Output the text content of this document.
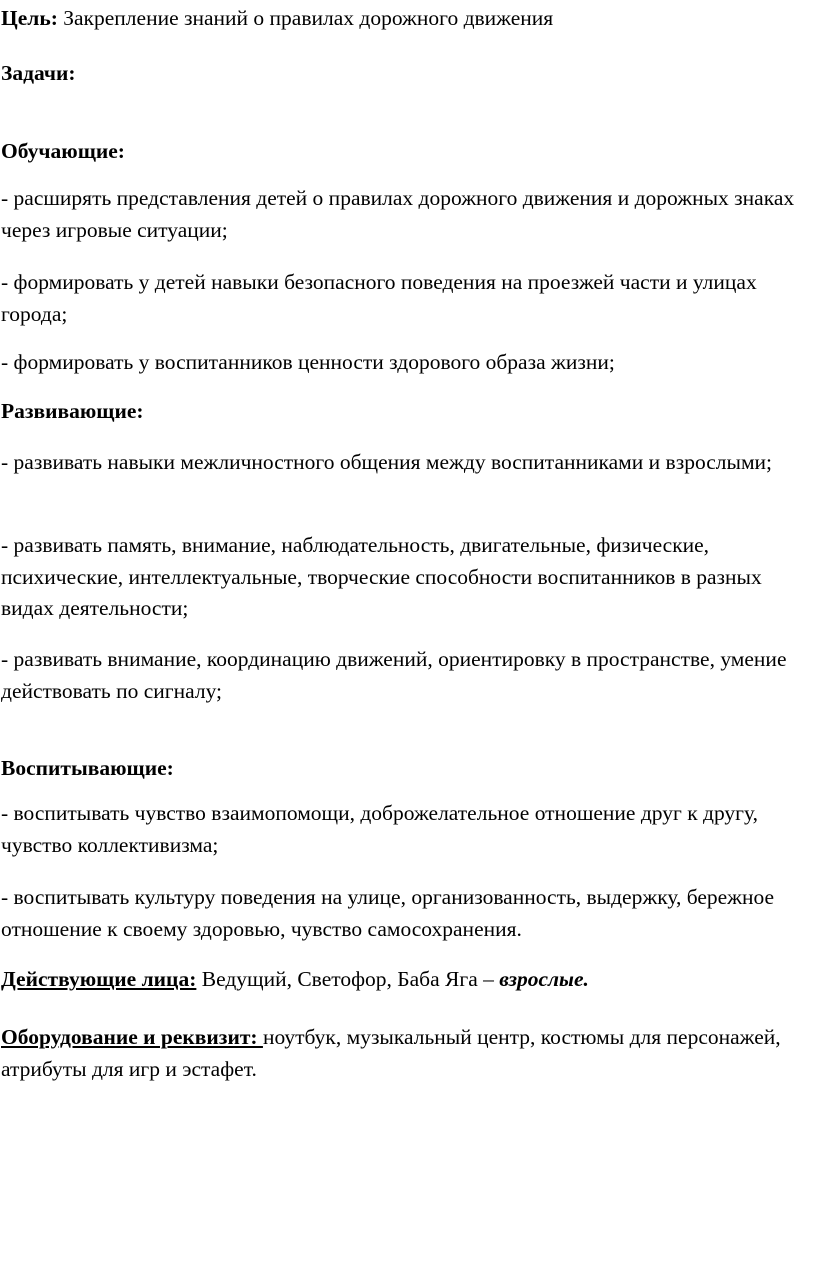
Цель: Закрепление знаний о правилах дорожного движения
Задачи:
Обучающие:
- расширять представления детей о правилах дорожного движения и дорожных знаках через игровые ситуации;
- формировать у детей навыки безопасного поведения на проезжей части и улицах города;
- формировать у воспитанников ценности здорового образа жизни;
Развивающие:
- развивать навыки межличностного общения между воспитанниками и взрослыми;
- развивать память, внимание, наблюдательность, двигательные, физические, психические, интеллектуальные, творческие способности воспитанников в разных видах деятельности;
- развивать внимание, координацию движений, ориентировку в пространстве, умение действовать по сигналу;
Воспитывающие:
- воспитывать чувство взаимопомощи, доброжелательное отношение друг к другу, чувство коллективизма;
- воспитывать культуру поведения на улице, организованность, выдержку, бережное отношение к своему здоровью, чувство самосохранения.
Действующие лица: Ведущий, Светофор, Баба Яга – взрослые.
Оборудование и реквизит: ноутбук, музыкальный центр, костюмы для персонажей, атрибуты для игр и эстафет.
